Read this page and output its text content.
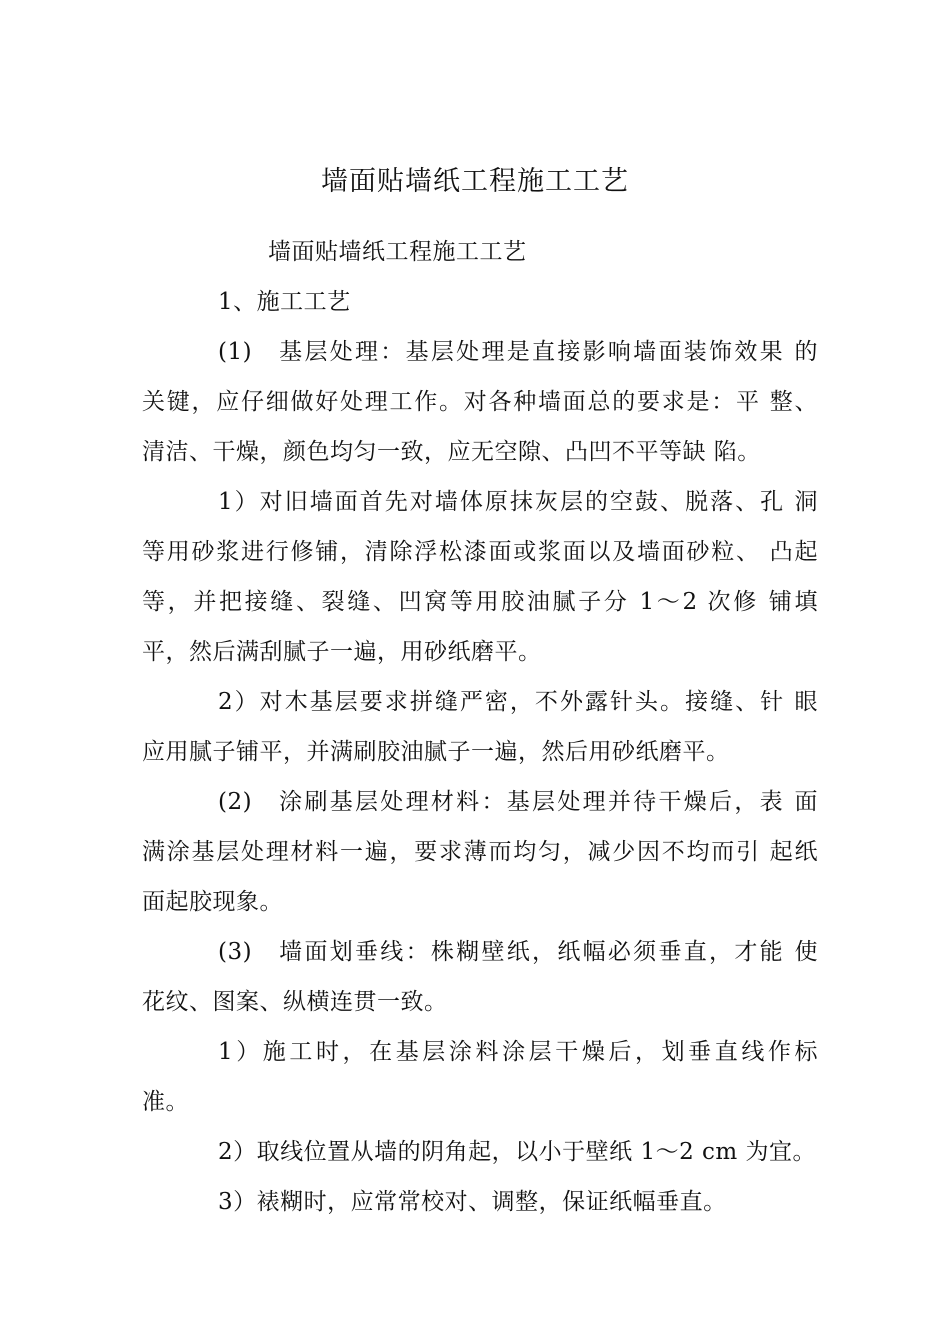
墙面贴墙纸工程施工工艺
墙面贴墙纸工程施工工艺
1、施工工艺
(1)　基层处理：基层处理是直接影响墙面装饰效果 的
关键，应仔细做好处理工作。对各种墙面总的要求是：平 整、
清洁、干燥，颜色均匀一致，应无空隙、凸凹不平等缺 陷。
1）对旧墙面首先对墙体原抹灰层的空鼓、脱落、孔 洞
等用砂浆进行修铺，清除浮松漆面或浆面以及墙面砂粒、 凸起
等，并把接缝、裂缝、凹窝等用胶油腻子分 1〜2 次修 铺填
平，然后满刮腻子一遍，用砂纸磨平。
2）对木基层要求拼缝严密，不外露针头。接缝、针 眼
应用腻子铺平，并满刷胶油腻子一遍，然后用砂纸磨平。
(2)　涂刷基层处理材料：基层处理并待干燥后，表 面
满涂基层处理材料一遍，要求薄而均匀，减少因不均而引 起纸
面起胶现象。
(3)　墙面划垂线：株糊壁纸，纸幅必须垂直，才能 使
花纹、图案、纵横连贯一致。
1）施工时，在基层涂料涂层干燥后，划垂直线作标
准。
2）取线位置从墙的阴角起，以小于壁纸 1〜2 cm 为宜。
3）裱糊时，应常常校对、调整，保证纸幅垂直。
